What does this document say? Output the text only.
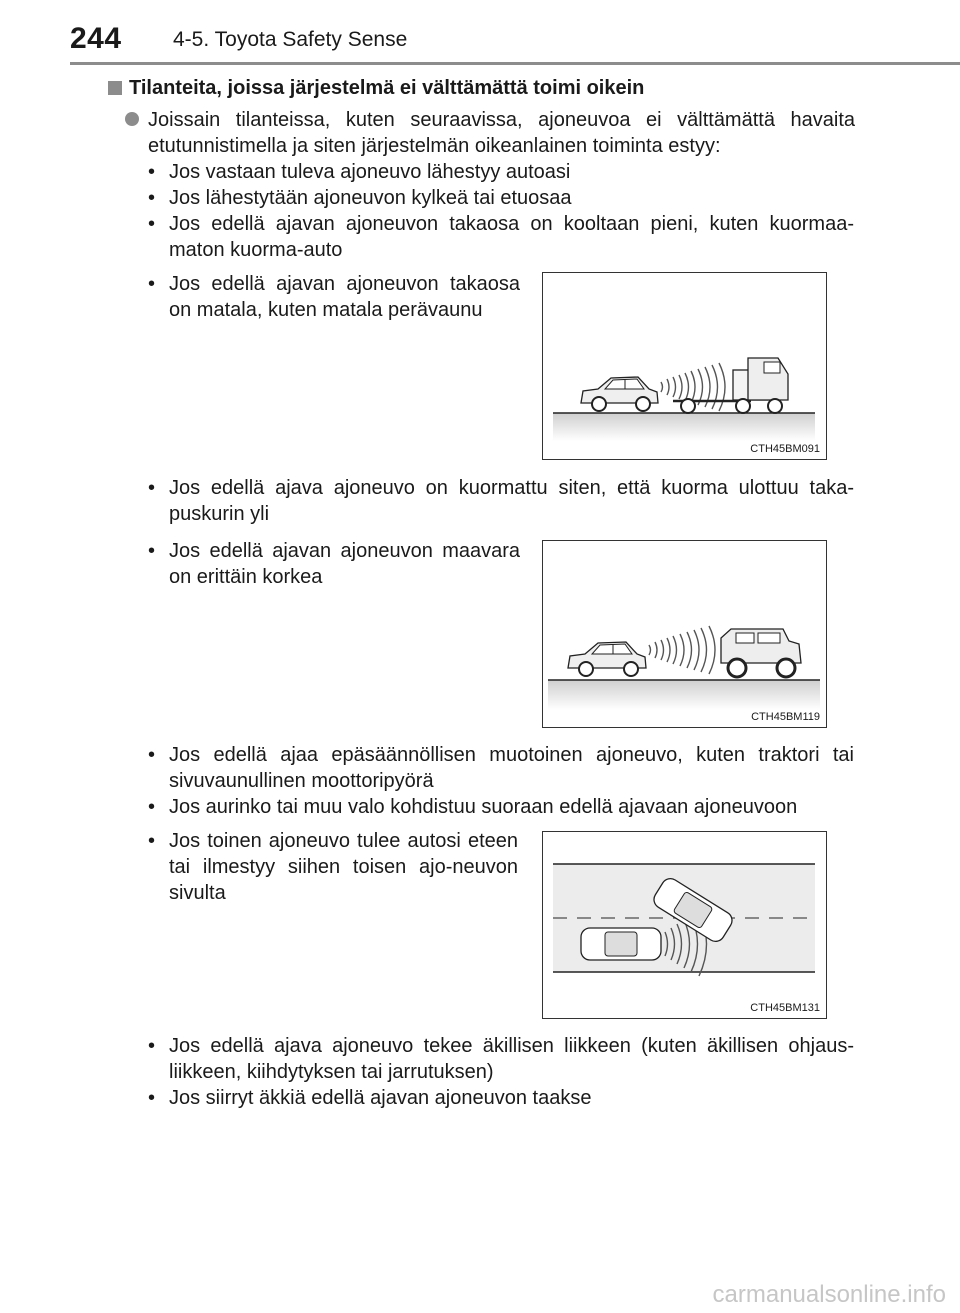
244 4-5. Toyota Safety Sense
Tilanteita, joissa järjestelmä ei välttämättä toimi oikein
Joissain tilanteissa, kuten seuraavissa, ajoneuvoa ei välttämättä havaita etutunnistimella ja siten järjestelmän oikeanlainen toiminta estyy:
• Jos vastaan tuleva ajoneuvo lähestyy autoasi
• Jos lähestytään ajoneuvon kylkeä tai etuosaa
• Jos edellä ajavan ajoneuvon takaosa on kooltaan pieni, kuten kuormaa-maton kuorma-auto
• Jos edellä ajavan ajoneuvon takaosa on matala, kuten matala perävaunu
CTH45BM091
• Jos edellä ajava ajoneuvo on kuormattu siten, että kuorma ulottuu taka-puskurin yli
• Jos edellä ajavan ajoneuvon maavara on erittäin korkea
CTH45BM119
• Jos edellä ajaa epäsäännöllisen muotoinen ajoneuvo, kuten traktori tai sivuvaunullinen moottoripyörä
• Jos aurinko tai muu valo kohdistuu suoraan edellä ajavaan ajoneuvoon
• Jos toinen ajoneuvo tulee autosi eteen tai ilmestyy siihen toisen ajo-neuvon sivulta
CTH45BM131
• Jos edellä ajava ajoneuvo tekee äkillisen liikkeen (kuten äkillisen ohjaus-liikkeen, kiihdytyksen tai jarrutuksen)
• Jos siirryt äkkiä edellä ajavan ajoneuvon taakse
carmanualsonline.info
